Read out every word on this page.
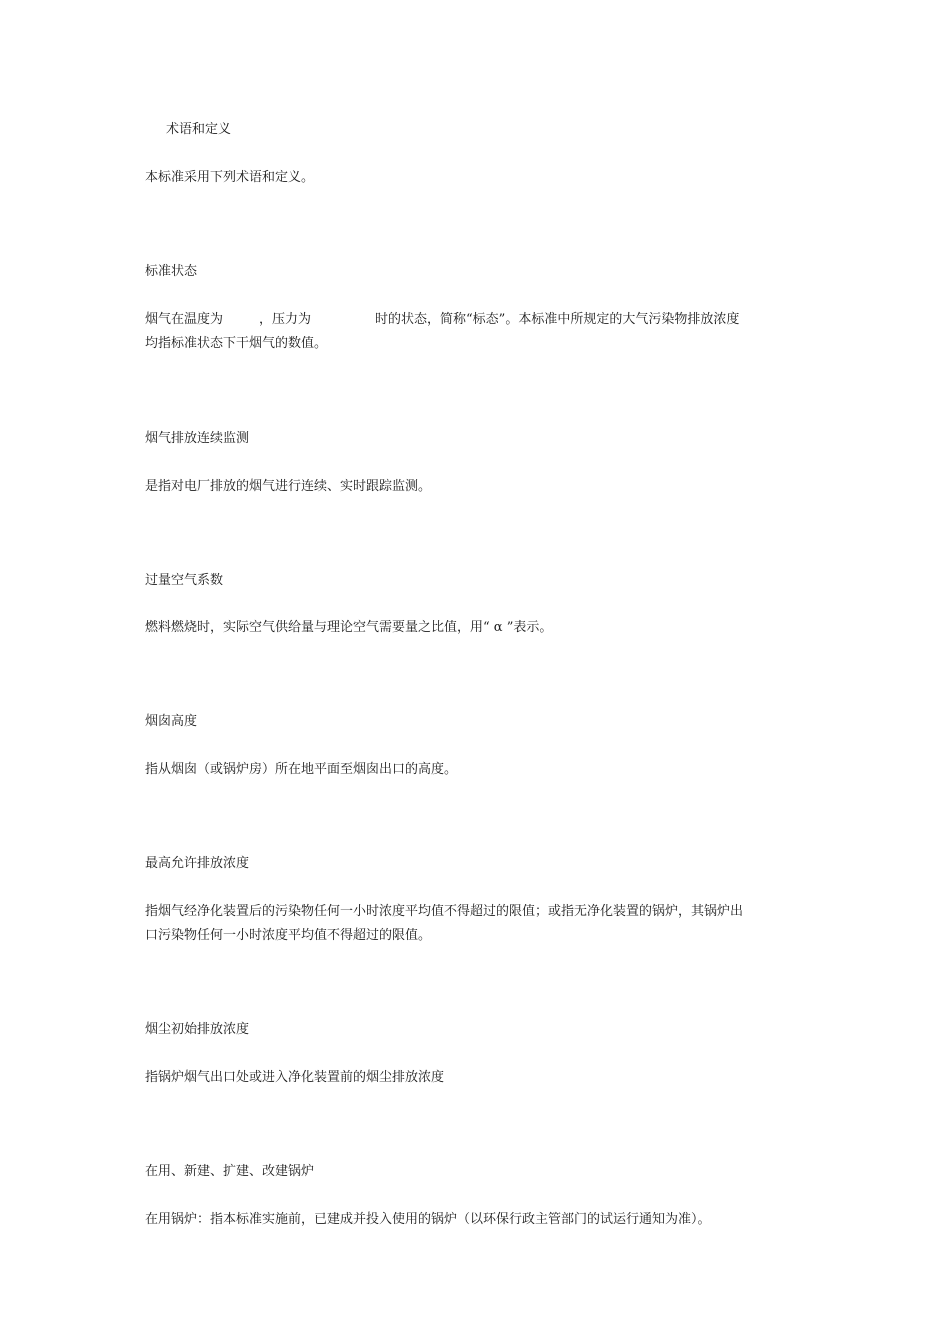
术语和定义
本标准采用下列术语和定义。
标准状态
烟气在温度为	，压力为	时的状态，简称“标态”。本标准中所规定的大气污染物排放浓度
均指标准状态下干烟气的数值。
烟气排放连续监测
是指对电厂排放的烟气进行连续、实时跟踪监测。
过量空气系数
燃料燃烧时，实际空气供给量与理论空气需要量之比值，用“ α ”表示。
烟囱高度
指从烟囱（或锅炉房）所在地平面至烟囱出口的高度。
最高允许排放浓度
指烟气经净化装置后的污染物任何一小时浓度平均值不得超过的限值；或指无净化装置的锅炉，其锅炉出
口污染物任何一小时浓度平均值不得超过的限值。
烟尘初始排放浓度
指锅炉烟气出口处或进入净化装置前的烟尘排放浓度
在用、新建、扩建、改建锅炉
在用锅炉：指本标准实施前，已建成并投入使用的锅炉（以环保行政主管部门的试运行通知为准）。
